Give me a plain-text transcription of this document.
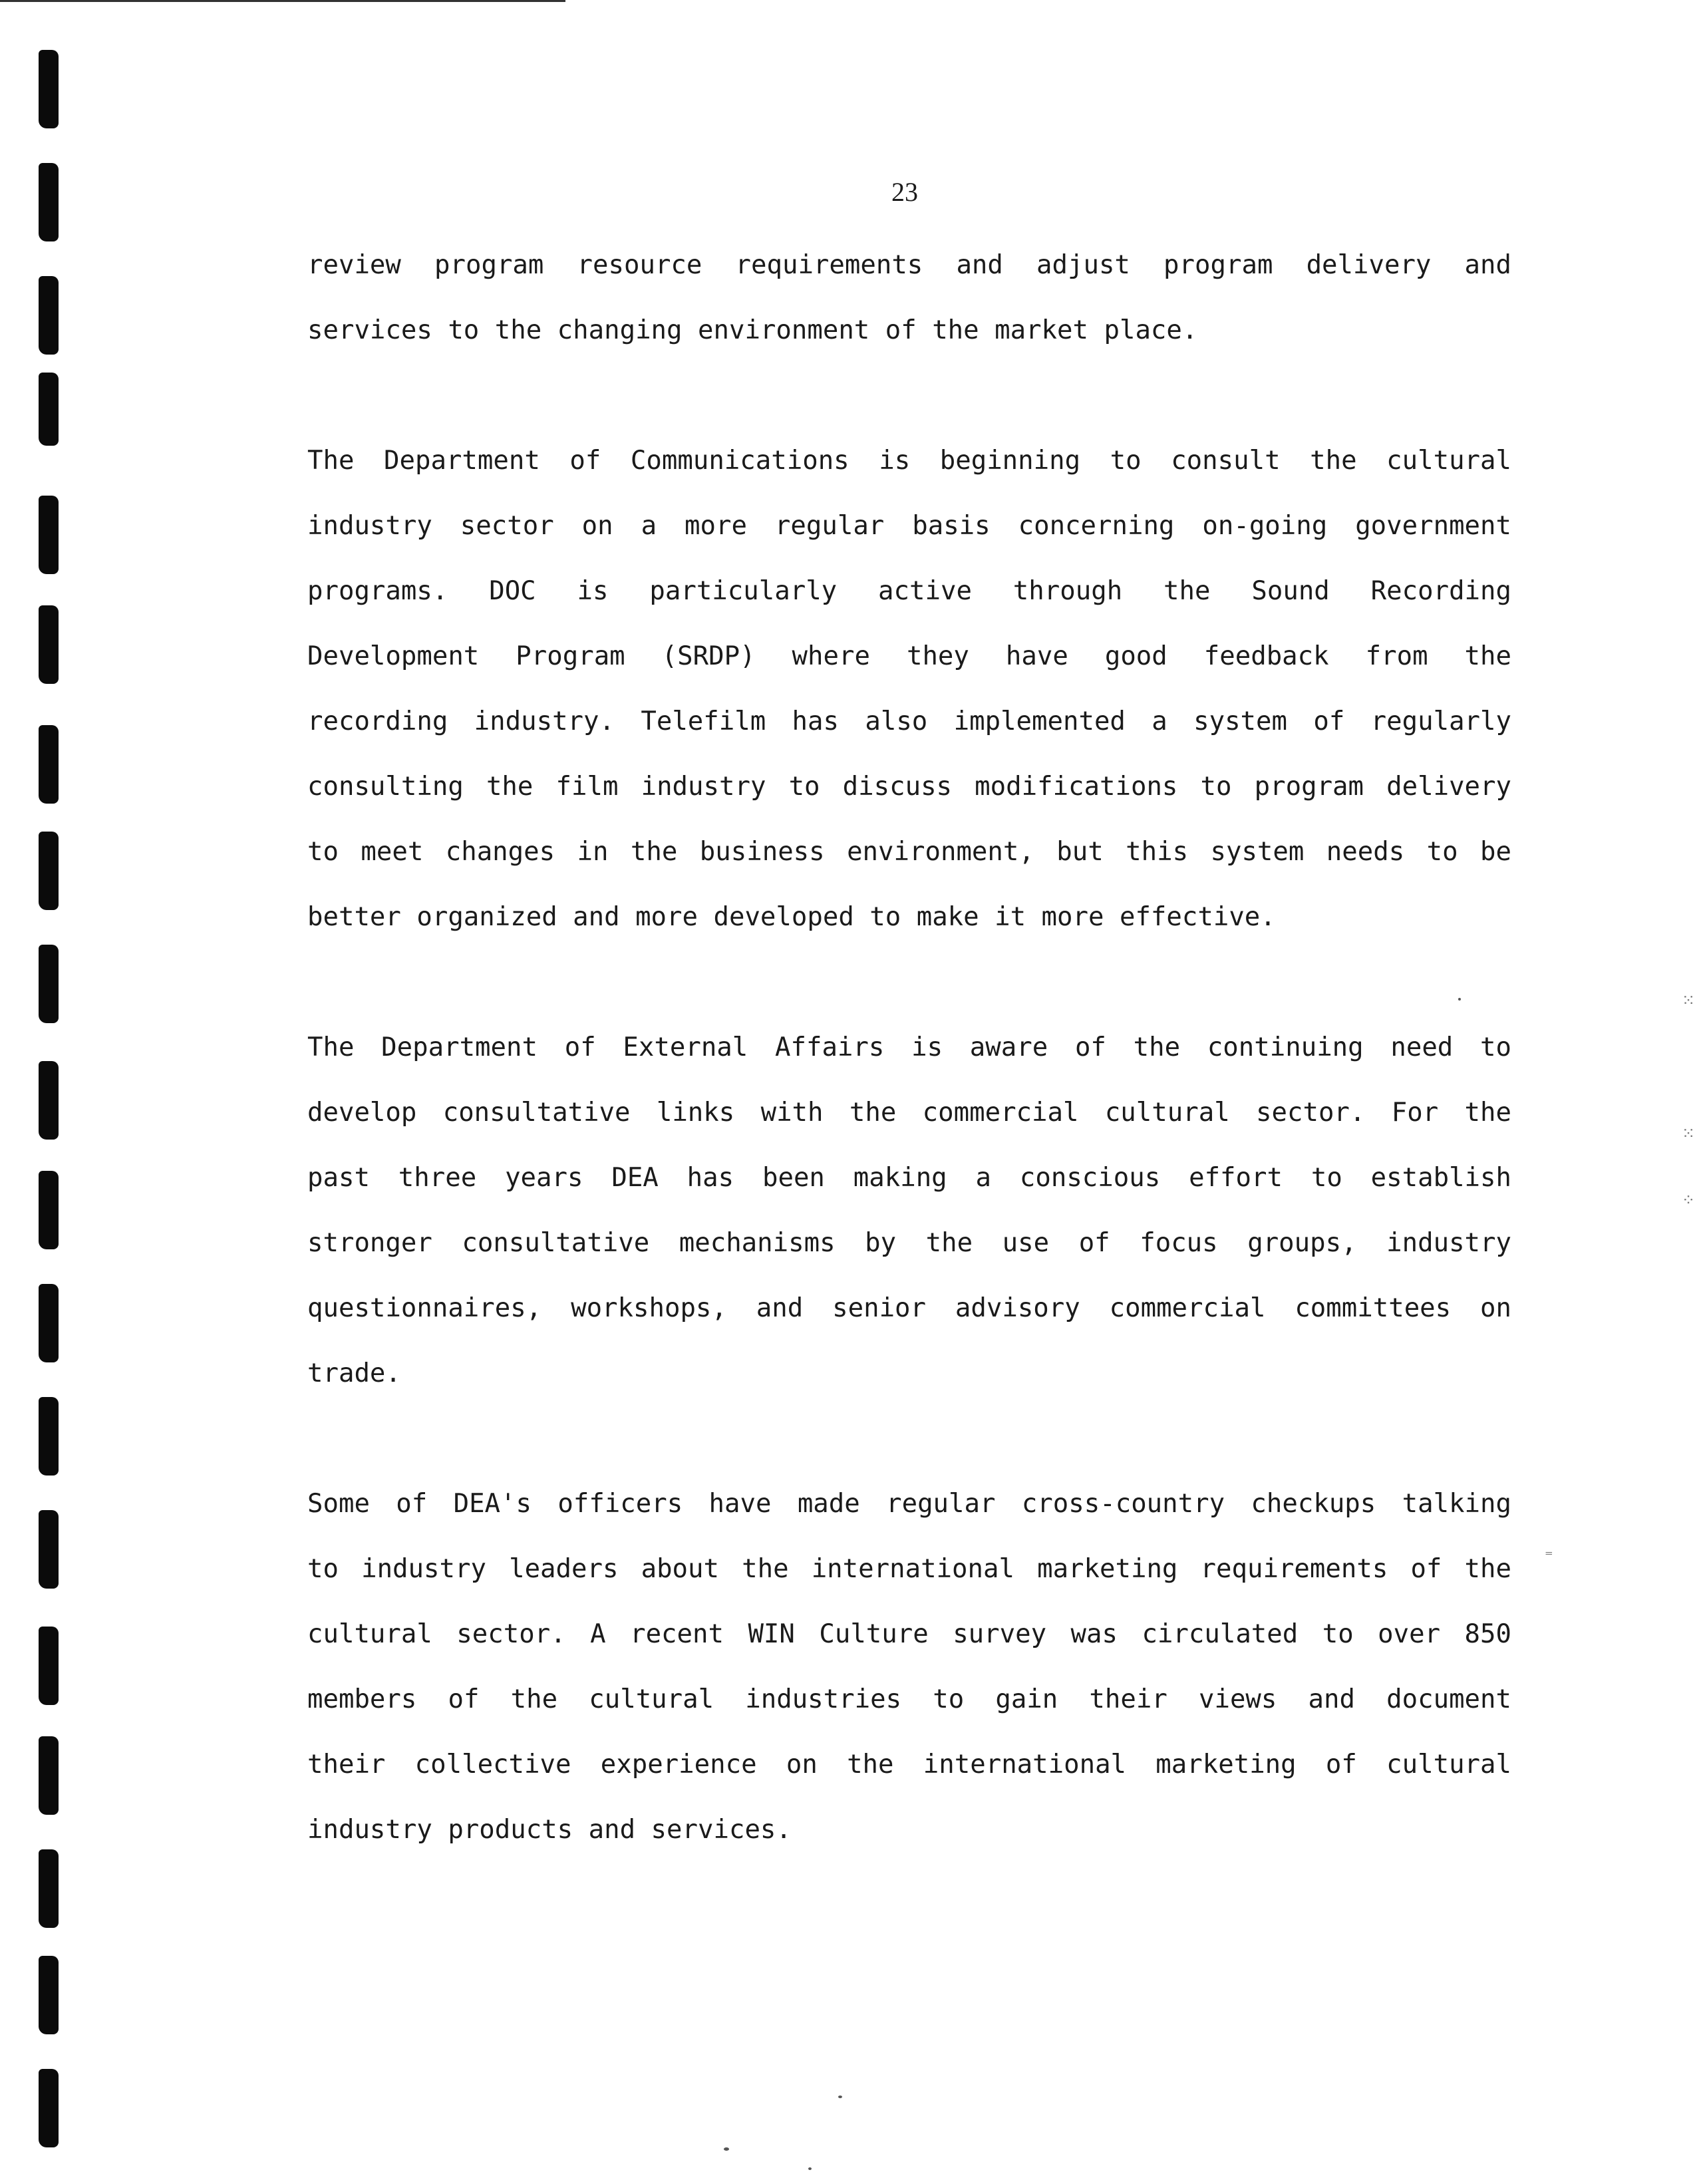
23
review program resource requirements and adjust program delivery and
services to the changing environment of the market place.
The Department of Communications is beginning to consult the cultural
industry sector on a more regular basis concerning on-going government
programs. DOC is particularly active through the Sound Recording
Development Program (SRDP) where they have good feedback from the
recording industry. Telefilm has also implemented a system of regularly
consulting the film industry to discuss modifications to program delivery
to meet changes in the business environment, but this system needs to be
better organized and more developed to make it more effective.
The Department of External Affairs is aware of the continuing need to
develop consultative links with the commercial cultural sector. For the
past three years DEA has been making a conscious effort to establish
stronger consultative mechanisms by the use of focus groups, industry
questionnaires, workshops, and senior advisory commercial committees on
trade.
Some of DEA's officers have made regular cross-country checkups talking
to industry leaders about the international marketing requirements of the
cultural sector. A recent WIN Culture survey was circulated to over 850
members of the cultural industries to gain their views and document
their collective experience on the international marketing of cultural
industry products and services.
⁙
⁙
⁘
⁼
